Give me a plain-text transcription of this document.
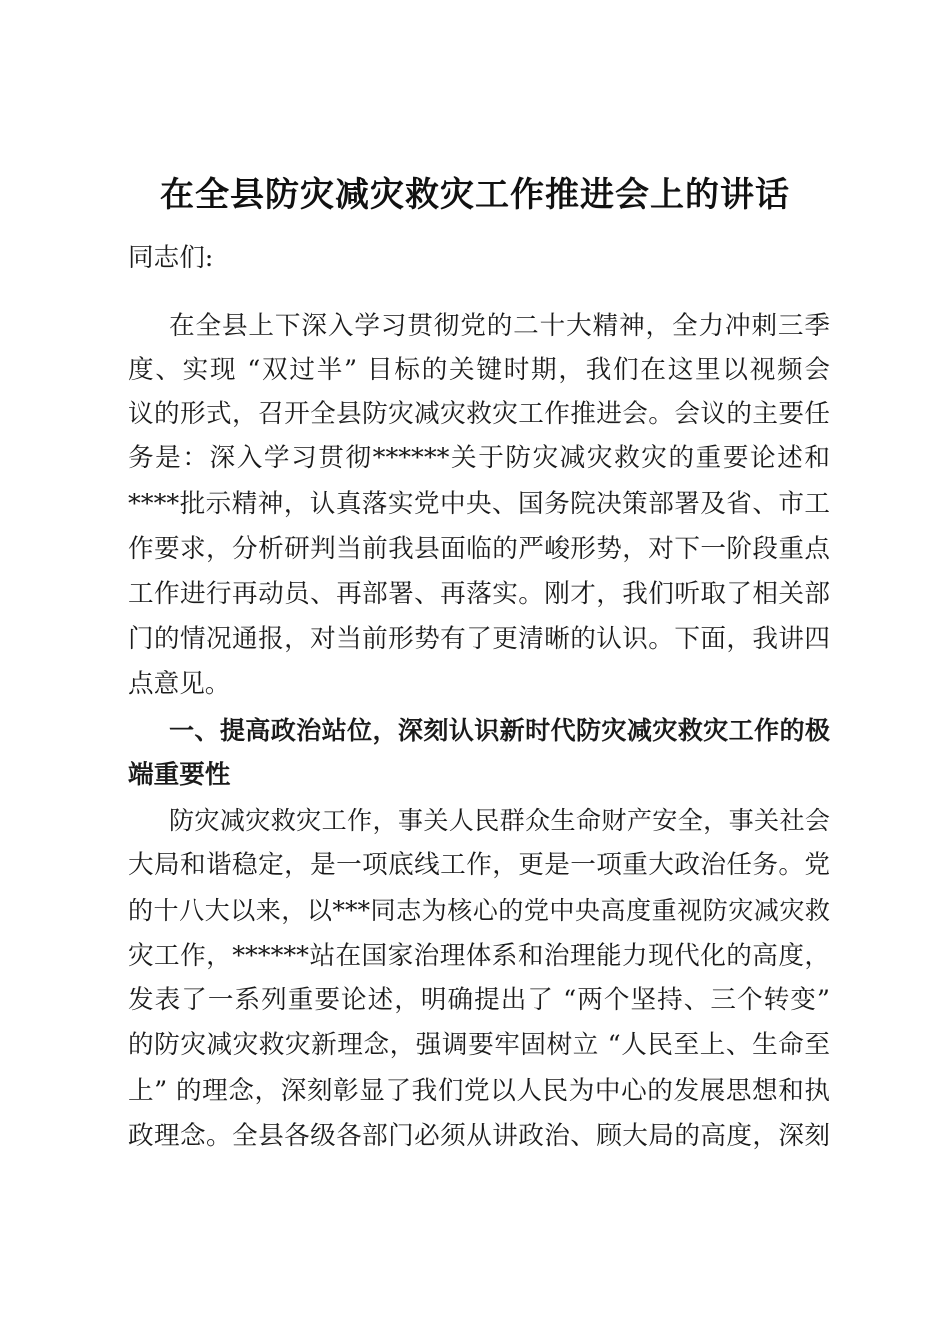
在全县防灾减灾救灾工作推进会上的讲话
同志们:
在全县上下深入学习贯彻党的二十大精神，全力冲刺三季
度、实现 “双过半” 目标的关键时期，我们在这里以视频会
议的形式，召开全县防灾减灾救灾工作推进会。会议的主要任
务是：深入学习贯彻******关于防灾减灾救灾的重要论述和
****批示精神，认真落实党中央、国务院决策部署及省、市工
作要求，分析研判当前我县面临的严峻形势，对下一阶段重点
工作进行再动员、再部署、再落实。刚才，我们听取了相关部
门的情况通报，对当前形势有了更清晰的认识。下面，我讲四
点意见。
一、提高政治站位，深刻认识新时代防灾减灾救灾工作的极
端重要性
防灾减灾救灾工作，事关人民群众生命财产安全，事关社会
大局和谐稳定，是一项底线工作，更是一项重大政治任务。党
的十八大以来，以***同志为核心的党中央高度重视防灾减灾救
灾工作，******站在国家治理体系和治理能力现代化的高度，
发表了一系列重要论述，明确提出了 “两个坚持、三个转变”
的防灾减灾救灾新理念，强调要牢固树立 “人民至上、生命至
上” 的理念，深刻彰显了我们党以人民为中心的发展思想和执
政理念。全县各级各部门必须从讲政治、顾大局的高度，深刻
